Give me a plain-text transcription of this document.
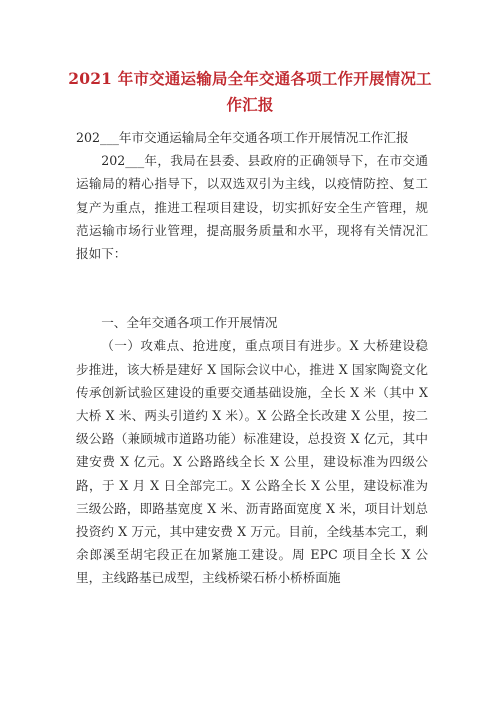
2021 年市交通运输局全年交通各项工作开展情况工
作汇报

202___年市交通运输局全年交通各项工作开展情况工作汇报

202___年，我局在县委、县政府的正确领导下，在市交通运输局的精心指导下，以双选双引为主线，以疫情防控、复工复产为重点，推进工程项目建设，切实抓好安全生产管理，规范运输市场行业管理，提高服务质量和水平，现将有关情况汇报如下：

一、全年交通各项工作开展情况

（一）攻难点、抢进度，重点项目有进步。X 大桥建设稳步推进，该大桥是建好 X 国际会议中心，推进 X 国家陶瓷文化传承创新试验区建设的重要交通基础设施，全长 X 米（其中 X 大桥 X 米、两头引道约 X 米）。X 公路全长改建 X 公里，按二级公路（兼顾城市道路功能）标准建设，总投资 X 亿元，其中建安费 X 亿元。X 公路路线全长 X 公里，建设标准为四级公路，于 X 月 X 日全部完工。X 公路全长 X 公里，建设标准为三级公路，即路基宽度 X 米、沥青路面宽度 X 米，项目计划总投资约 X 万元，其中建安费 X 万元。目前，全线基本完工，剩余郎溪至胡宅段正在加紧施工建设。周 EPC 项目全长 X 公里，主线路基已成型，主线桥梁石桥小桥桥面施
